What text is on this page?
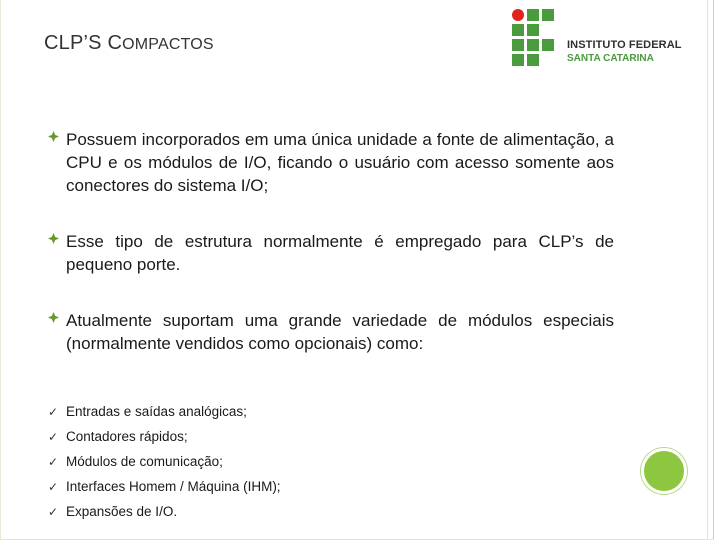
CLP’S COMPACTOS	INSTITUTO FEDERAL
SANTA CATARINA
Possuem incorporados em uma única unidade a fonte de alimentação, a CPU e os módulos de I/O, ficando o usuário com acesso somente aos conectores do sistema I/O;
Esse tipo de estrutura normalmente é empregado para CLP’s de pequeno porte.
Atualmente suportam uma grande variedade de módulos especiais (normalmente vendidos como opcionais) como:
✓ Entradas e saídas analógicas;
✓ Contadores rápidos;
✓ Módulos de comunicação;
✓ Interfaces Homem / Máquina (IHM);
✓ Expansões de I/O.
